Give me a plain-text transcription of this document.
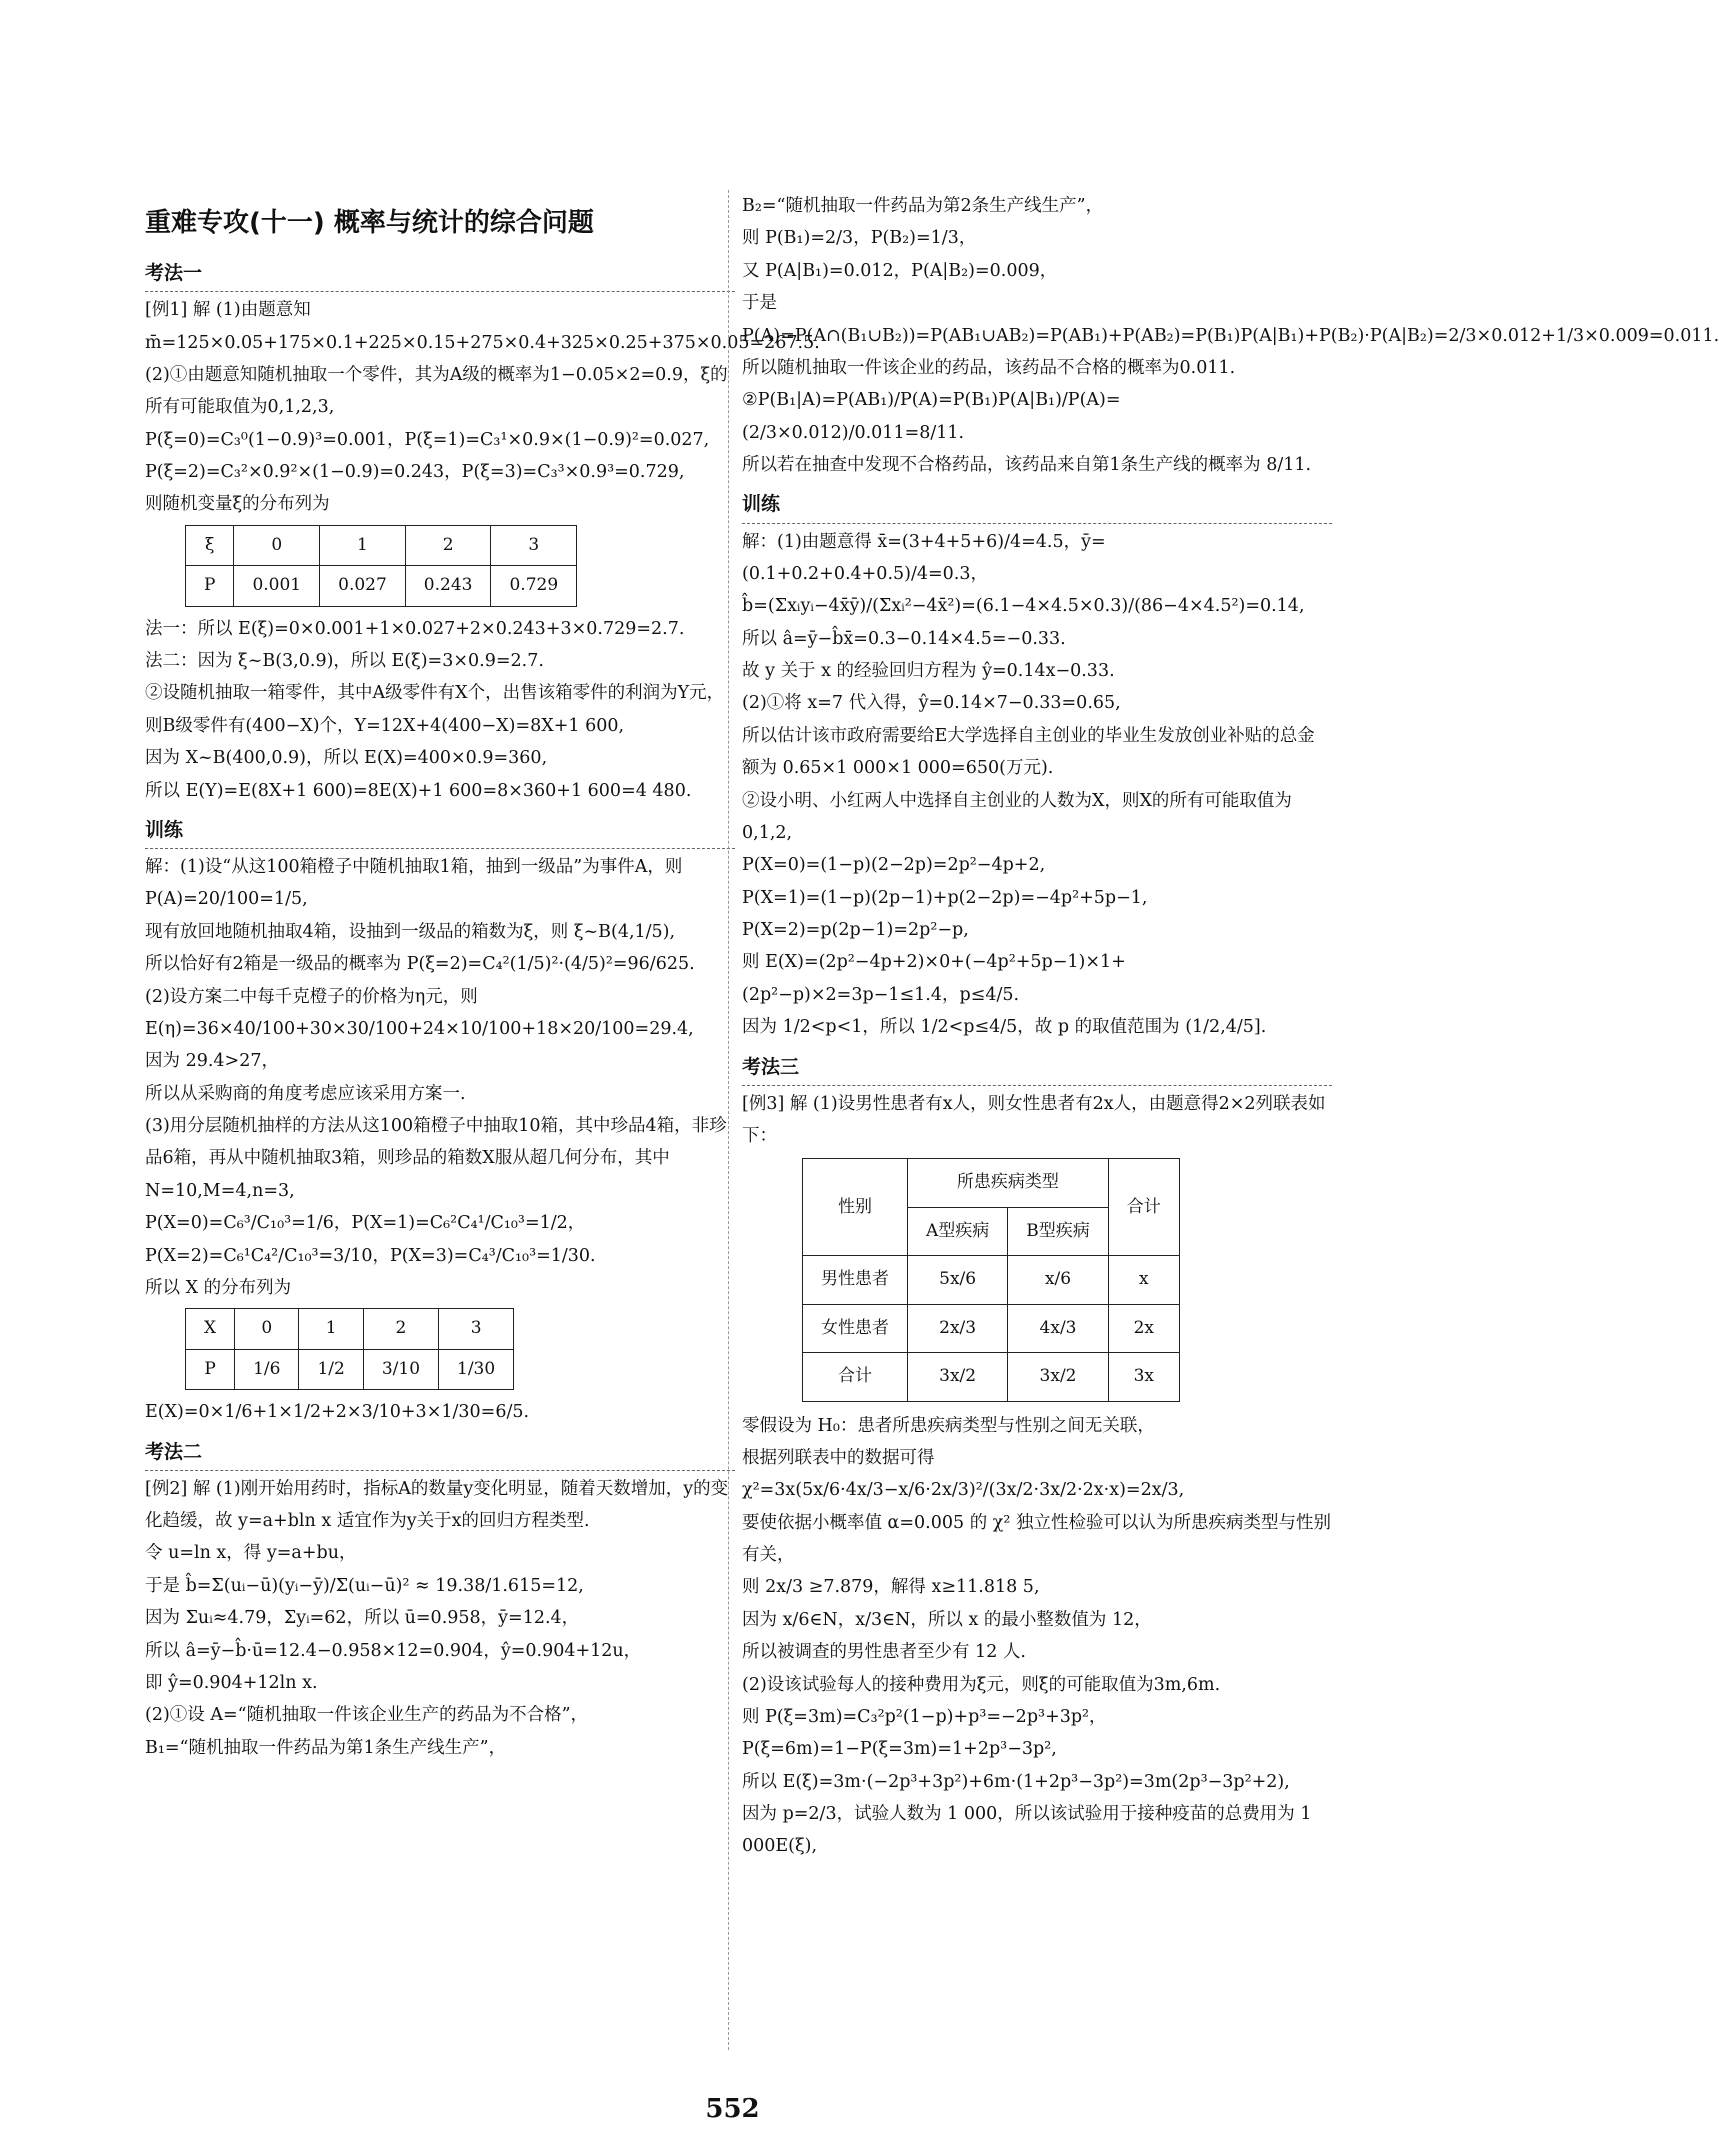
重难专攻(十一) 概率与统计的综合问题
考法一

[例1] 解 (1)由题意知 m̄=125×0.05+175×0.1+225×0.15+275×0.4+325×0.25+375×0.05=267.5.

(2)①由题意知随机抽取一个零件，其为A级的概率为1−0.05×2=0.9，ξ的所有可能取值为0,1,2,3,

P(ξ=0)=C₃⁰(1−0.9)³=0.001，P(ξ=1)=C₃¹×0.9×(1−0.9)²=0.027,

P(ξ=2)=C₃²×0.9²×(1−0.9)=0.243，P(ξ=3)=C₃³×0.9³=0.729,

则随机变量ξ的分布列为

ξ	0	1	2	3
P	0.001	0.027	0.243	0.729

法一：所以 E(ξ)=0×0.001+1×0.027+2×0.243+3×0.729=2.7.

法二：因为 ξ~B(3,0.9)，所以 E(ξ)=3×0.9=2.7.

②设随机抽取一箱零件，其中A级零件有X个，出售该箱零件的利润为Y元，

则B级零件有(400−X)个，Y=12X+4(400−X)=8X+1 600,

因为 X~B(400,0.9)，所以 E(X)=400×0.9=360,

所以 E(Y)=E(8X+1 600)=8E(X)+1 600=8×360+1 600=4 480.

训练

解：(1)设“从这100箱橙子中随机抽取1箱，抽到一级品”为事件A，则 P(A)=20/100=1/5,

现有放回地随机抽取4箱，设抽到一级品的箱数为ξ，则 ξ~B(4,1/5),

所以恰好有2箱是一级品的概率为 P(ξ=2)=C₄²(1/5)²·(4/5)²=96/625.

(2)设方案二中每千克橙子的价格为η元，则 E(η)=36×40/100+30×30/100+24×10/100+18×20/100=29.4,

因为 29.4>27，

所以从采购商的角度考虑应该采用方案一.

(3)用分层随机抽样的方法从这100箱橙子中抽取10箱，其中珍品4箱，非珍品6箱，再从中随机抽取3箱，则珍品的箱数X服从超几何分布，其中N=10,M=4,n=3,

P(X=0)=C₆³/C₁₀³=1/6，P(X=1)=C₆²C₄¹/C₁₀³=1/2，P(X=2)=C₆¹C₄²/C₁₀³=3/10，P(X=3)=C₄³/C₁₀³=1/30.

所以 X 的分布列为

X	0	1	2	3
P	1/6	1/2	3/10	1/30

E(X)=0×1/6+1×1/2+2×3/10+3×1/30=6/5.

考法二

[例2] 解 (1)刚开始用药时，指标A的数量y变化明显，随着天数增加，y的变化趋缓，故 y=a+bln x 适宜作为y关于x的回归方程类型.

令 u=ln x，得 y=a+bu，

于是 b̂=Σ(uᵢ−ū)(yᵢ−ȳ)/Σ(uᵢ−ū)² ≈ 19.38/1.615=12,

因为 Σuᵢ≈4.79，Σyᵢ=62，所以 ū=0.958，ȳ=12.4，

所以 â=ȳ−b̂·ū=12.4−0.958×12=0.904，ŷ=0.904+12u，

即 ŷ=0.904+12ln x.

(2)①设 A=“随机抽取一件该企业生产的药品为不合格”，

B₁=“随机抽取一件药品为第1条生产线生产”，

B₂=“随机抽取一件药品为第2条生产线生产”，

则 P(B₁)=2/3，P(B₂)=1/3，

又 P(A|B₁)=0.012，P(A|B₂)=0.009，

于是 P(A)=P(A∩(B₁∪B₂))=P(AB₁∪AB₂)=P(AB₁)+P(AB₂)=P(B₁)P(A|B₁)+P(B₂)·P(A|B₂)=2/3×0.012+1/3×0.009=0.011.

所以随机抽取一件该企业的药品，该药品不合格的概率为0.011.

②P(B₁|A)=P(AB₁)/P(A)=P(B₁)P(A|B₁)/P(A)=(2/3×0.012)/0.011=8/11.

所以若在抽查中发现不合格药品，该药品来自第1条生产线的概率为 8/11.

训练

解：(1)由题意得 x̄=(3+4+5+6)/4=4.5，ȳ=(0.1+0.2+0.4+0.5)/4=0.3，

b̂=(Σxᵢyᵢ−4x̄ȳ)/(Σxᵢ²−4x̄²)=(6.1−4×4.5×0.3)/(86−4×4.5²)=0.14,

所以 â=ȳ−b̂x̄=0.3−0.14×4.5=−0.33.

故 y 关于 x 的经验回归方程为 ŷ=0.14x−0.33.

(2)①将 x=7 代入得，ŷ=0.14×7−0.33=0.65,

所以估计该市政府需要给E大学选择自主创业的毕业生发放创业补贴的总金额为 0.65×1 000×1 000=650(万元).

②设小明、小红两人中选择自主创业的人数为X，则X的所有可能取值为0,1,2,

P(X=0)=(1−p)(2−2p)=2p²−4p+2,

P(X=1)=(1−p)(2p−1)+p(2−2p)=−4p²+5p−1,

P(X=2)=p(2p−1)=2p²−p,

则 E(X)=(2p²−4p+2)×0+(−4p²+5p−1)×1+(2p²−p)×2=3p−1≤1.4，p≤4/5.

因为 1/2<p<1，所以 1/2<p≤4/5，故 p 的取值范围为 (1/2,4/5].

考法三

[例3] 解 (1)设男性患者有x人，则女性患者有2x人，由题意得2×2列联表如下：

性别	所患疾病类型		合计
	A型疾病	B型疾病	
男性患者	5x/6	x/6	x
女性患者	2x/3	4x/3	2x
合计	3x/2	3x/2	3x

零假设为 H₀：患者所患疾病类型与性别之间无关联，

根据列联表中的数据可得 χ²=3x(5x/6·4x/3−x/6·2x/3)²/(3x/2·3x/2·2x·x)=2x/3,

要使依据小概率值 α=0.005 的 χ² 独立性检验可以认为所患疾病类型与性别有关，

则 2x/3 ≥7.879，解得 x≥11.818 5,

因为 x/6∈N，x/3∈N，所以 x 的最小整数值为 12，

所以被调查的男性患者至少有 12 人.

(2)设该试验每人的接种费用为ξ元，则ξ的可能取值为3m,6m.

则 P(ξ=3m)=C₃²p²(1−p)+p³=−2p³+3p²，P(ξ=6m)=1−P(ξ=3m)=1+2p³−3p²,

所以 E(ξ)=3m·(−2p³+3p²)+6m·(1+2p³−3p²)=3m(2p³−3p²+2),

因为 p=2/3，试验人数为 1 000，所以该试验用于接种疫苗的总费用为 1 000E(ξ),

552
